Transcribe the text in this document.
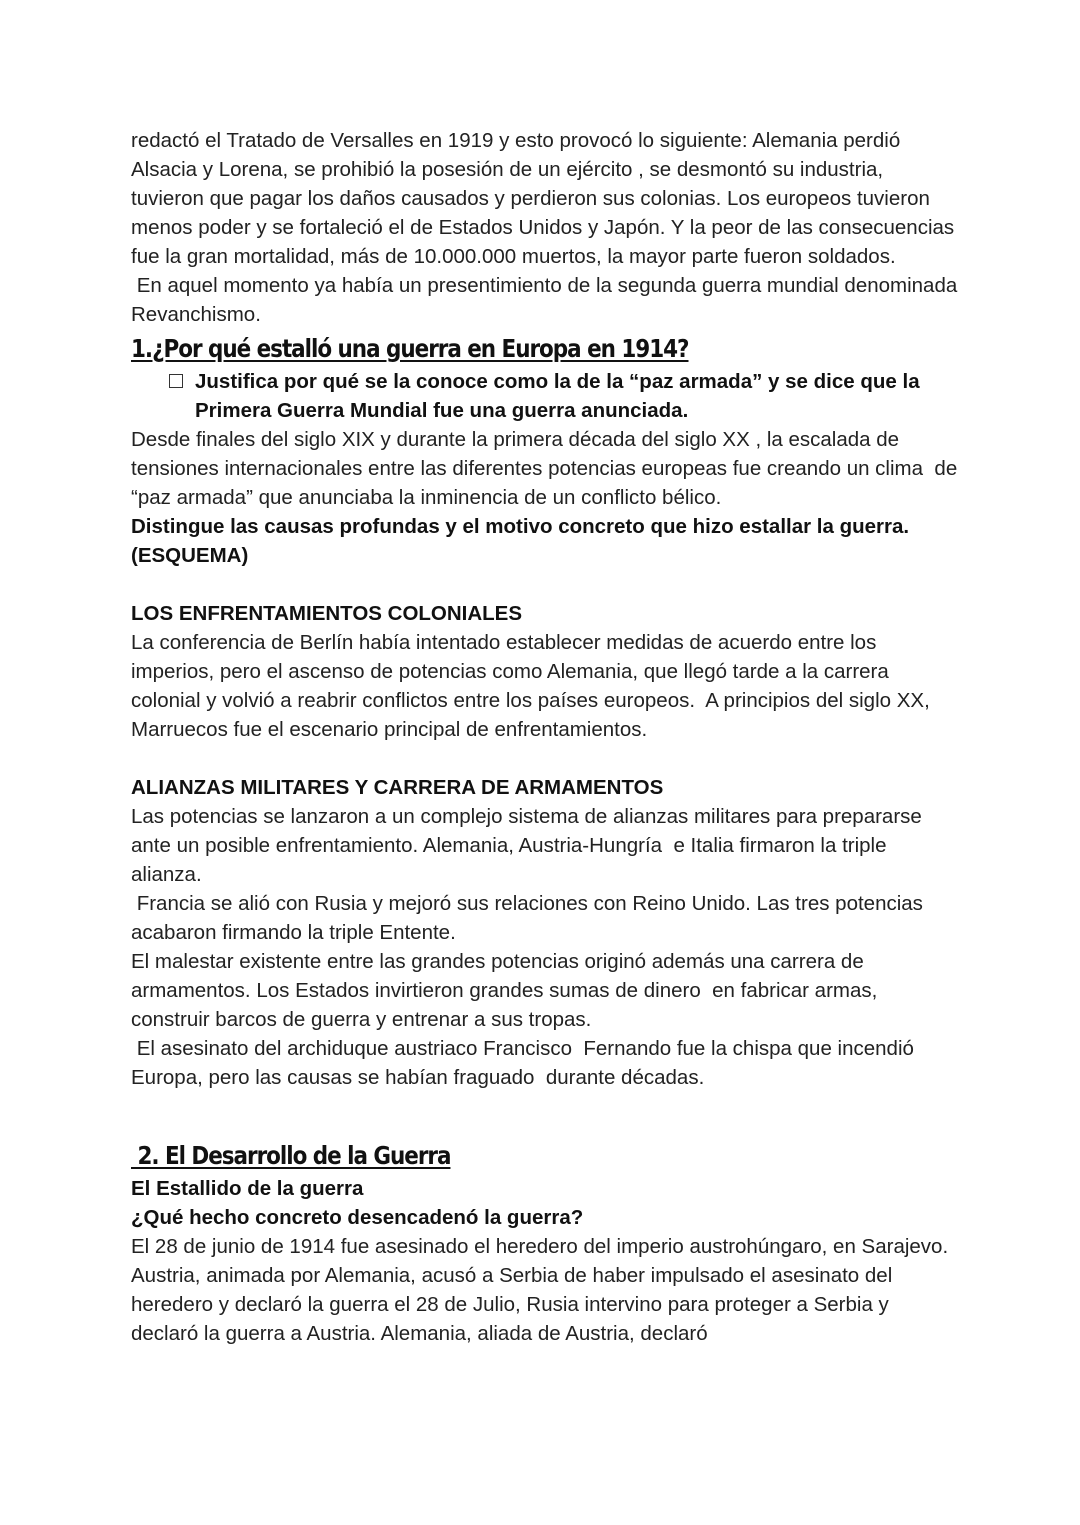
redactó el Tratado de Versalles en 1919 y esto provocó lo siguiente: Alemania perdió Alsacia y Lorena, se prohibió la posesión de un ejército , se desmontó su industria, tuvieron que pagar los daños causados y perdieron sus colonias. Los europeos tuvieron menos poder y se fortaleció el de Estados Unidos y Japón. Y la peor de las consecuencias fue la gran mortalidad, más de 10.000.000 muertos, la mayor parte fueron soldados.

En aquel momento ya había un presentimiento de la segunda guerra mundial denominada Revanchismo.

1.¿Por qué estalló una guerra en Europa en 1914?
Justifica por qué se la conoce como la de la “paz armada” y se dice que la Primera Guerra Mundial fue una guerra anunciada.

Desde finales del siglo XIX y durante la primera década del siglo XX , la escalada de tensiones internacionales entre las diferentes potencias europeas fue creando un clima  de “paz armada” que anunciaba la inminencia de un conflicto bélico.

Distingue las causas profundas y el motivo concreto que hizo estallar la guerra.(ESQUEMA)

LOS ENFRENTAMIENTOS COLONIALES

La conferencia de Berlín había intentado establecer medidas de acuerdo entre los imperios, pero el ascenso de potencias como Alemania, que llegó tarde a la carrera colonial y volvió a reabrir conflictos entre los países europeos.  A principios del siglo XX, Marruecos fue el escenario principal de enfrentamientos.

ALIANZAS MILITARES Y CARRERA DE ARMAMENTOS

Las potencias se lanzaron a un complejo sistema de alianzas militares para prepararse ante un posible enfrentamiento. Alemania, Austria-Hungría  e Italia firmaron la triple alianza.

Francia se alió con Rusia y mejoró sus relaciones con Reino Unido. Las tres potencias acabaron firmando la triple Entente.

El malestar existente entre las grandes potencias originó además una carrera de armamentos. Los Estados invirtieron grandes sumas de dinero  en fabricar armas, construir barcos de guerra y entrenar a sus tropas.

El asesinato del archiduque austriaco Francisco  Fernando fue la chispa que incendió Europa, pero las causas se habían fraguado  durante décadas.

2. El Desarrollo de la Guerra

El Estallido de la guerra

¿Qué hecho concreto desencadenó la guerra?

El 28 de junio de 1914 fue asesinado el heredero del imperio austrohúngaro, en Sarajevo. Austria, animada por Alemania, acusó a Serbia de haber impulsado el asesinato del heredero y declaró la guerra el 28 de Julio, Rusia intervino para proteger a Serbia y declaró la guerra a Austria. Alemania, aliada de Austria, declaró
